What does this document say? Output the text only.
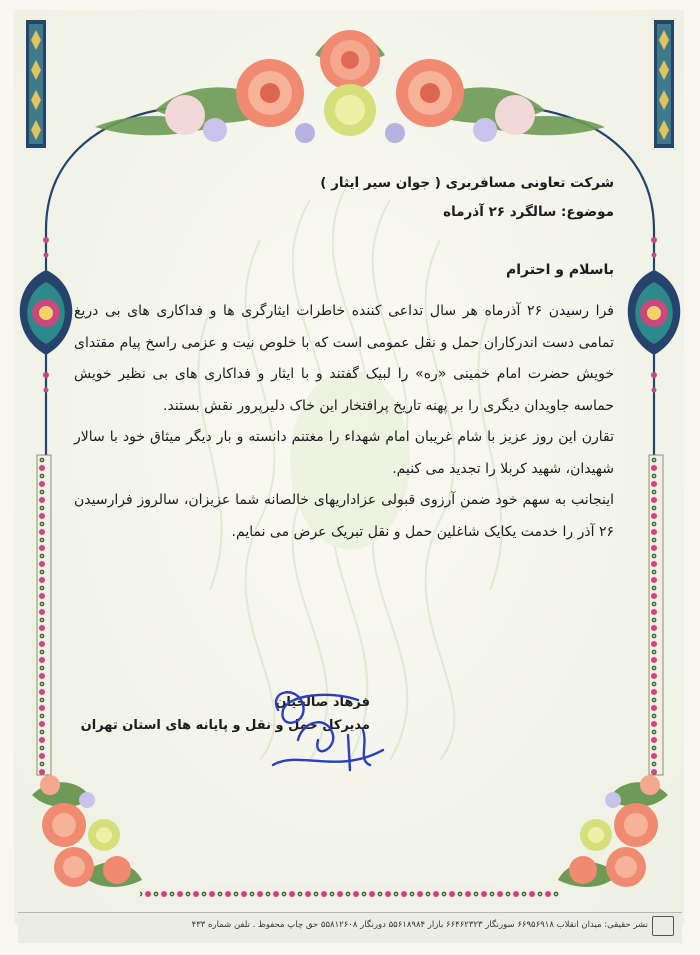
شرکت تعاونی مسافربری ( جوان سیر ایثار )
موضوع: سالگرد ۲۶ آذرماه
باسلام و احترام

فرا رسیدن ۲۶ آذرماه هر سال تداعی کننده خاطرات ایثارگری ها و فداکاری های بی دریغ تمامی دست اندرکاران حمل و نقل عمومی است که با خلوص نیت و عزمی راسخ پیام مقتدای خویش حضرت امام خمینی «ره» را لبیک گفتند و با ایثار و فداکاری های بی نظیر خویش حماسه جاویدان دیگری را بر پهنه تاریخ پرافتخار این خاک دلیرپرور نقش بستند.

تقارن این روز عزیز با شام غریبان امام شهداء را مغتنم دانسته و بار دیگر میثاق خود با سالار شهیدان، شهید کربلا را تجدید می کنیم.

اینجانب به سهم خود ضمن آرزوی قبولی عزاداریهای خالصانه شما عزیزان، سالروز فرارسیدن ۲۶ آذر را خدمت یکایک شاغلین حمل و نقل تبریک عرض می نمایم.

فرهاد صالحیان
مدیرکل حمل و نقل و پایانه های استان تهران
نشر حقیقی: میدان انقلاب ۶۶۹۵۶۹۱۸ سورنگار ۶۶۴۶۲۳۲۳ بازار ۵۵۶۱۸۹۸۴ دورنگار ۵۵۸۱۲۶۰۸ حق چاپ محفوظ . تلفن شماره ۴۳۳
